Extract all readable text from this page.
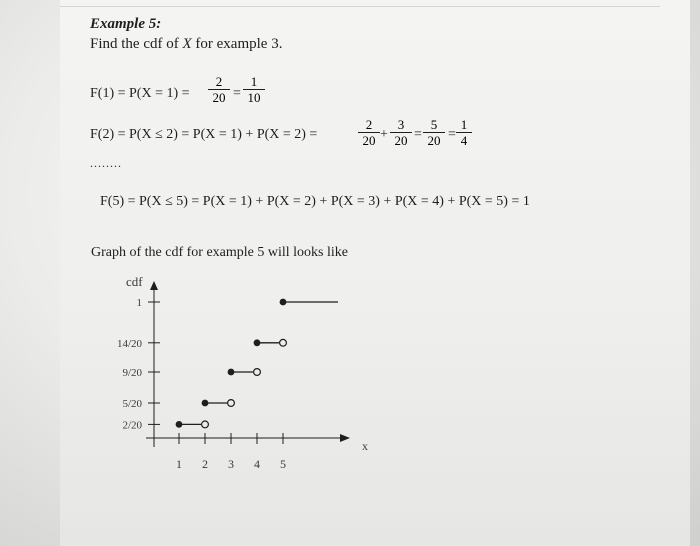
Example 5:
Find the cdf of X for example 3.
$F(1) = P(X = 1) = \frac{2}{20} = \frac{1}{10}$
F(2) = P(X ≤ 2) = P(X = 1) + P(X = 2) =	$\frac{2}{20} + \frac{3}{20} = \frac{5}{20} = \frac{1}{4}$
........
F(5) = P(X ≤ 5) = P(X = 1) + P(X = 2) + P(X = 3) + P(X = 4) + P(X = 5) = 1
Graph of the cdf for example 5 will looks like
cdf
x
2/20
5/20
9/20
14/20
1
1 2 3 4 5
